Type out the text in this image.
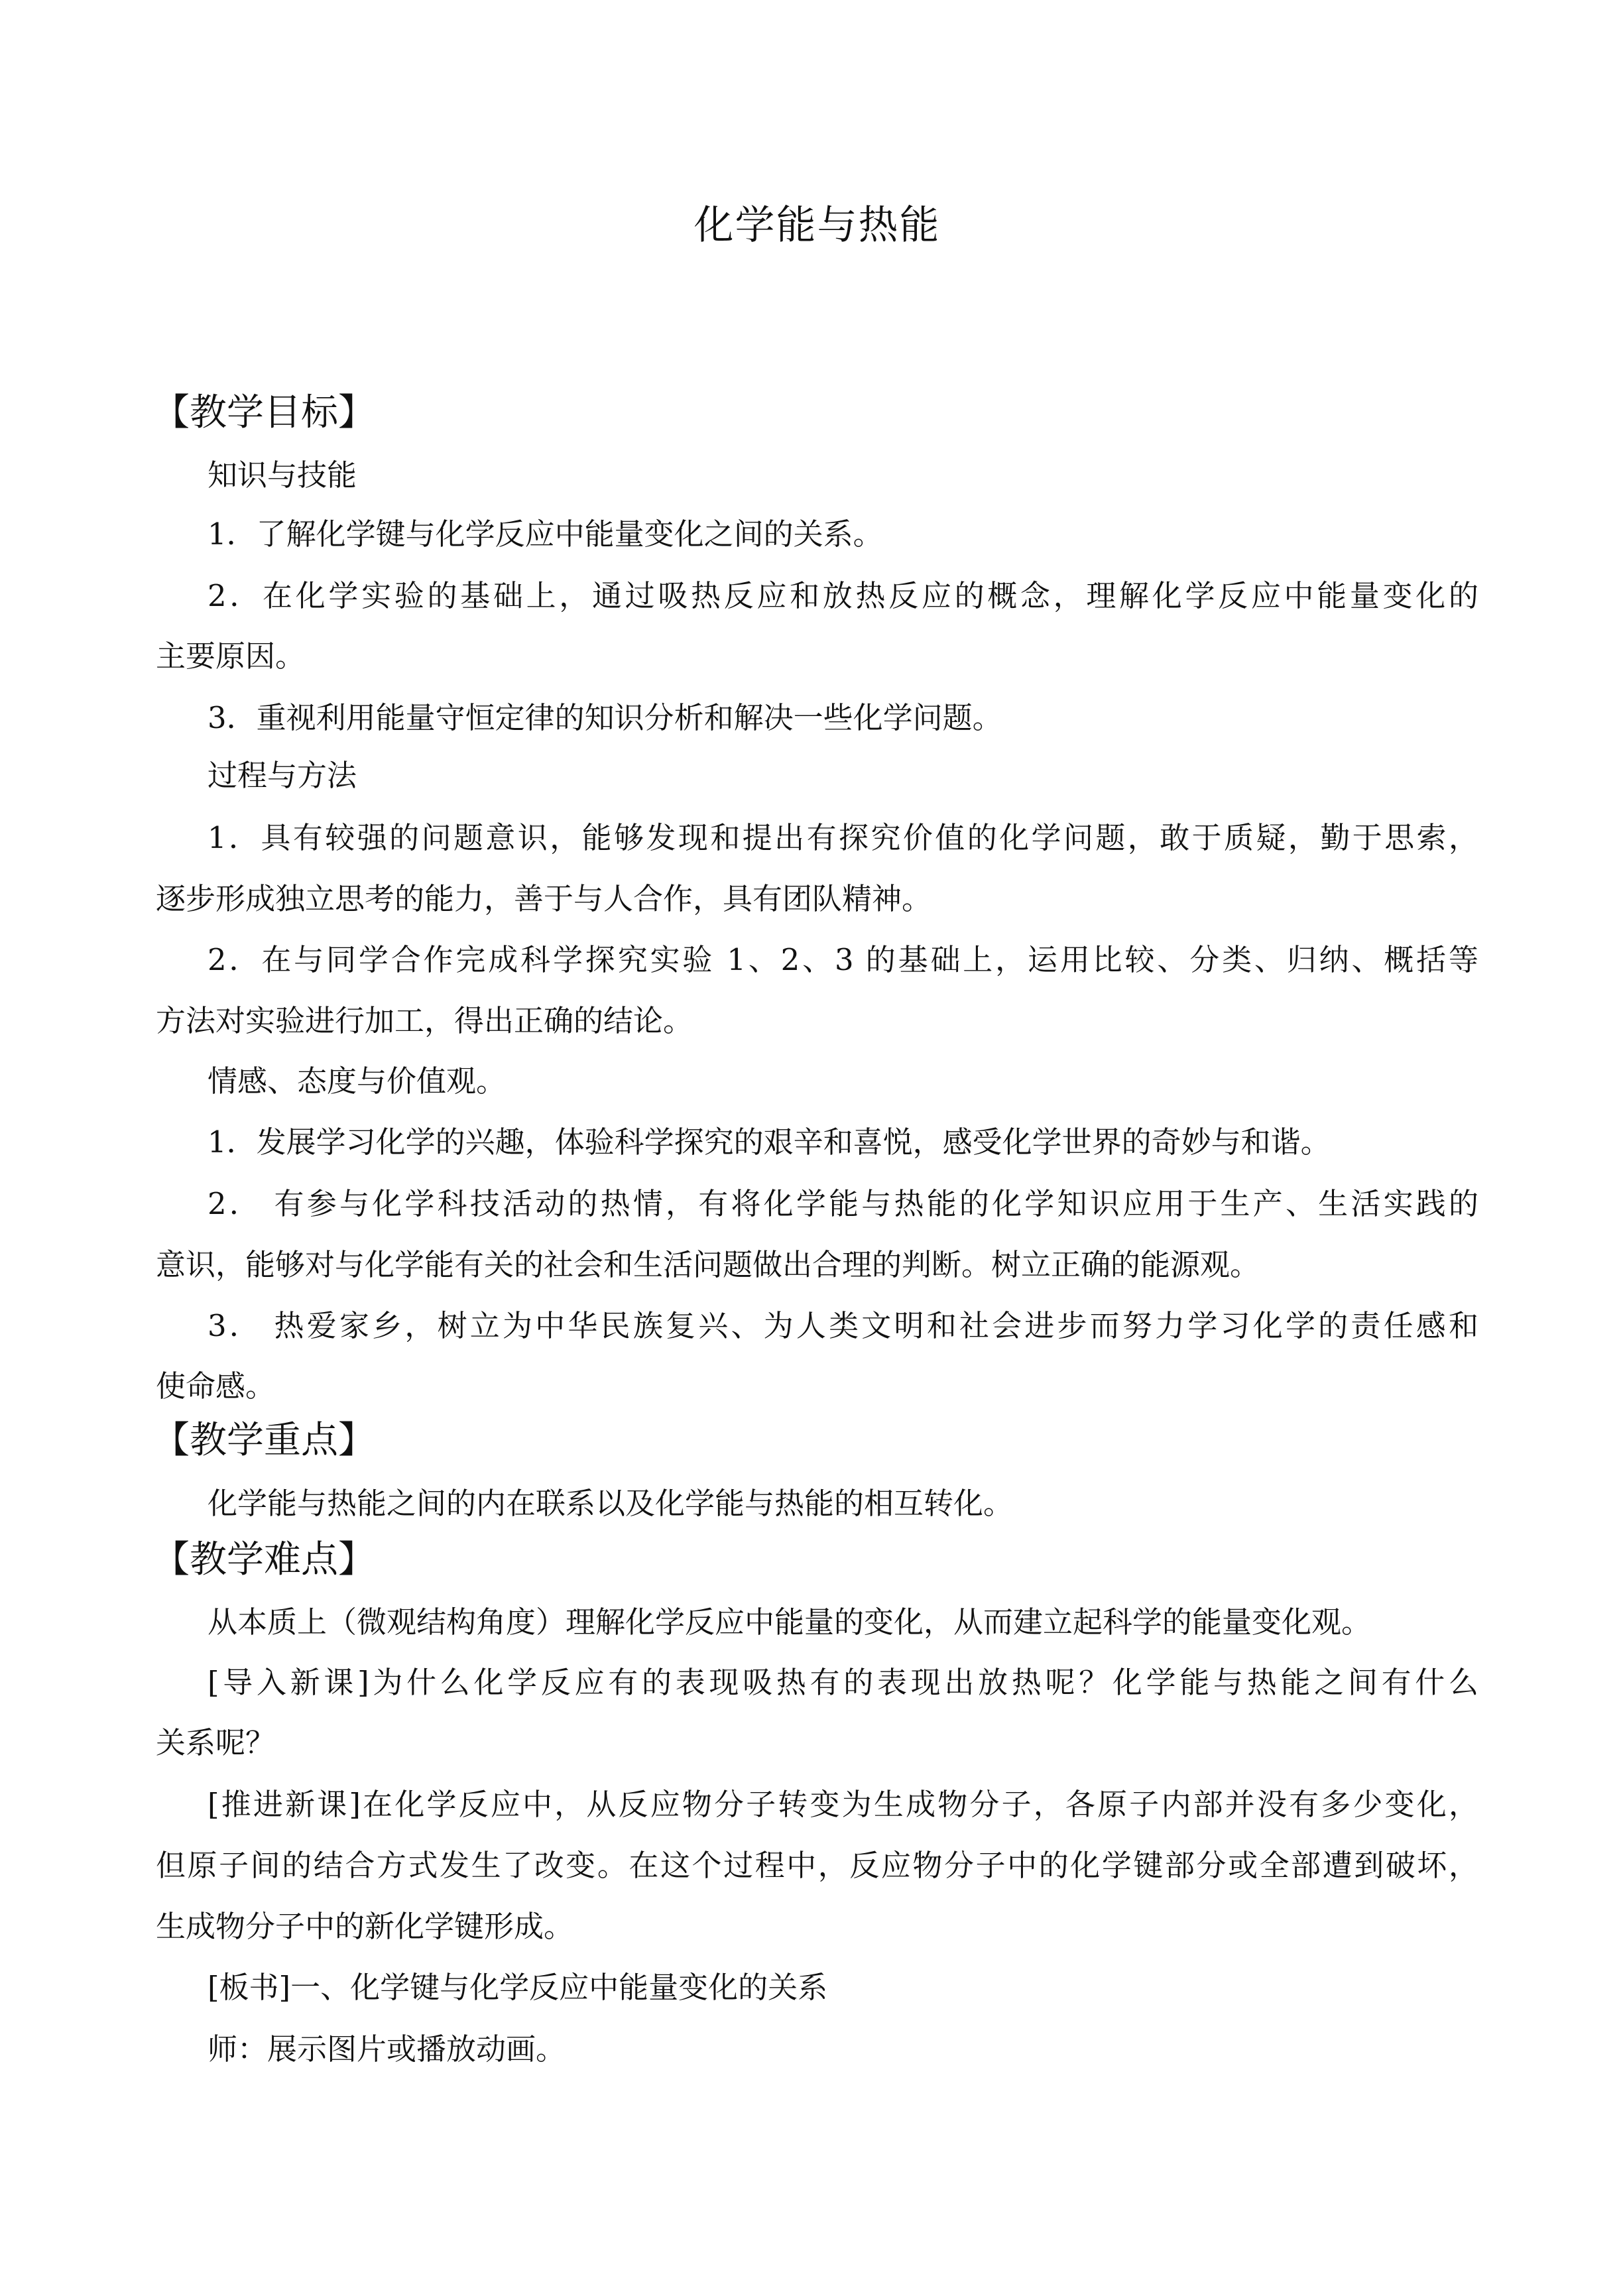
化学能与热能
【教学目标】

知识与技能

1．了解化学键与化学反应中能量变化之间的关系。

2．在化学实验的基础上，通过吸热反应和放热反应的概念，理解化学反应中能量变化的

主要原因。

3．重视利用能量守恒定律的知识分析和解决一些化学问题。

过程与方法

1．具有较强的问题意识，能够发现和提出有探究价值的化学问题，敢于质疑，勤于思索，

逐步形成独立思考的能力，善于与人合作，具有团队精神。

2．在与同学合作完成科学探究实验 1、2、3 的基础上，运用比较、分类、归纳、概括等

方法对实验进行加工，得出正确的结论。

情感、态度与价值观。

1．发展学习化学的兴趣，体验科学探究的艰辛和喜悦，感受化学世界的奇妙与和谐。

2． 有参与化学科技活动的热情，有将化学能与热能的化学知识应用于生产、生活实践的

意识，能够对与化学能有关的社会和生活问题做出合理的判断。树立正确的能源观。

3． 热爱家乡，树立为中华民族复兴、为人类文明和社会进步而努力学习化学的责任感和

使命感。

【教学重点】

化学能与热能之间的内在联系以及化学能与热能的相互转化。

【教学难点】

从本质上（微观结构角度）理解化学反应中能量的变化，从而建立起科学的能量变化观。

[导入新课]为什么化学反应有的表现吸热有的表现出放热呢？化学能与热能之间有什么

关系呢？

[推进新课]在化学反应中，从反应物分子转变为生成物分子，各原子内部并没有多少变化，

但原子间的结合方式发生了改变。在这个过程中，反应物分子中的化学键部分或全部遭到破坏，

生成物分子中的新化学键形成。

[板书]一、化学键与化学反应中能量变化的关系

师：展示图片或播放动画。
